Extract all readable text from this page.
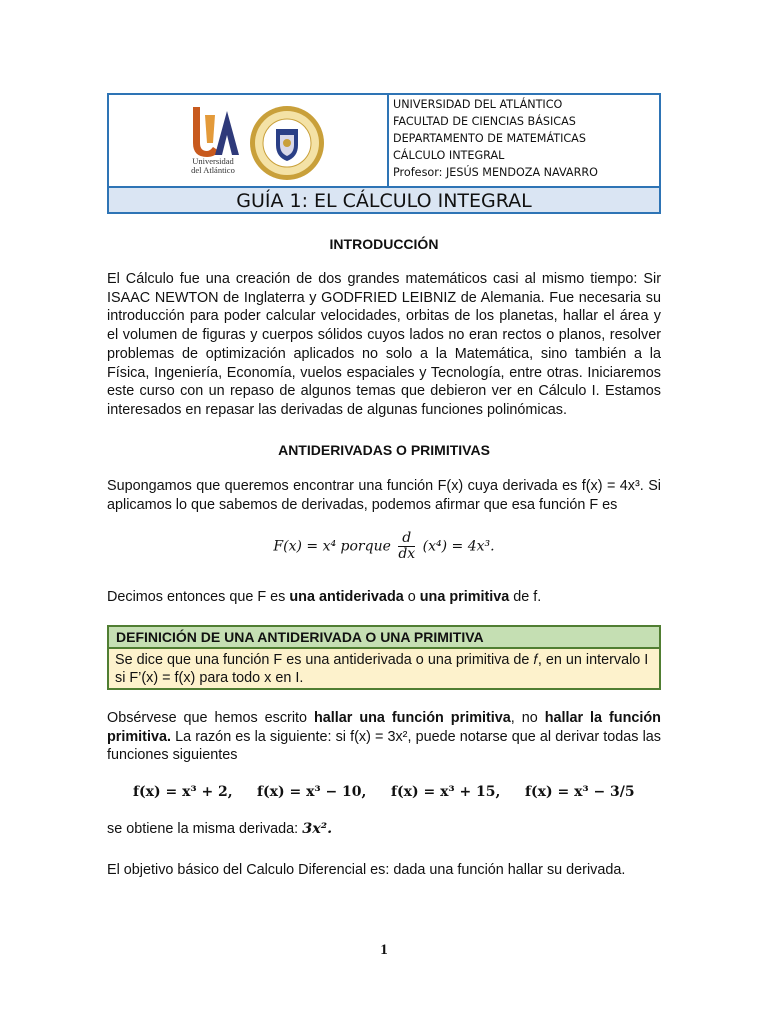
Universidad
del Atlántico
UNIVERSIDAD DEL ATLÁNTICO
FACULTAD DE CIENCIAS BÁSICAS
DEPARTAMENTO DE MATEMÁTICAS
CÁLCULO INTEGRAL
Profesor: JESÚS MENDOZA NAVARRO
GUÍA 1: EL CÁLCULO INTEGRAL
INTRODUCCIÓN

El Cálculo fue una creación de dos grandes matemáticos casi al mismo tiempo: Sir ISAAC NEWTON de Inglaterra y GODFRIED LEIBNIZ de Alemania. Fue necesaria su introducción para poder calcular velocidades, orbitas de los planetas, hallar el área y el volumen de figuras y cuerpos sólidos cuyos lados no eran rectos o planos, resolver problemas de optimización aplicados no solo a la Matemática, sino también a la Física, Ingeniería, Economía, vuelos espaciales y Tecnología, entre otras. Iniciaremos este curso con un repaso de algunos temas que debieron ver en Cálculo I. Estamos interesados en repasar las derivadas de algunas funciones polinómicas.

ANTIDERIVADAS O PRIMITIVAS

Supongamos que queremos encontrar una función F(x) cuya derivada es f(x) = 4x³. Si aplicamos lo que sabemos de derivadas, podemos afirmar que esa función F es

F(x) = x⁴ porque $\frac{d}{dx} (x^4) = 4x^3$.

Decimos entonces que F es una antiderivada o una primitiva de f.

DEFINICIÓN DE UNA ANTIDERIVADA O UNA PRIMITIVA
Se dice que una función F es una antiderivada o una primitiva de 𝑓, en un intervalo I si F’(x) = f(x) para todo x en I.

Obsérvese que hemos escrito hallar una función primitiva, no hallar la función primitiva. La razón es la siguiente: si f(x) = 3x², puede notarse que al derivar todas las funciones siguientes

f(x) = x³ + 2, f(x) = x³ − 10, f(x) = x³ + 15, f(x) = x³ − 3/5

se obtiene la misma derivada: 3x².

El objetivo básico del Calculo Diferencial es: dada una función hallar su derivada.

1
